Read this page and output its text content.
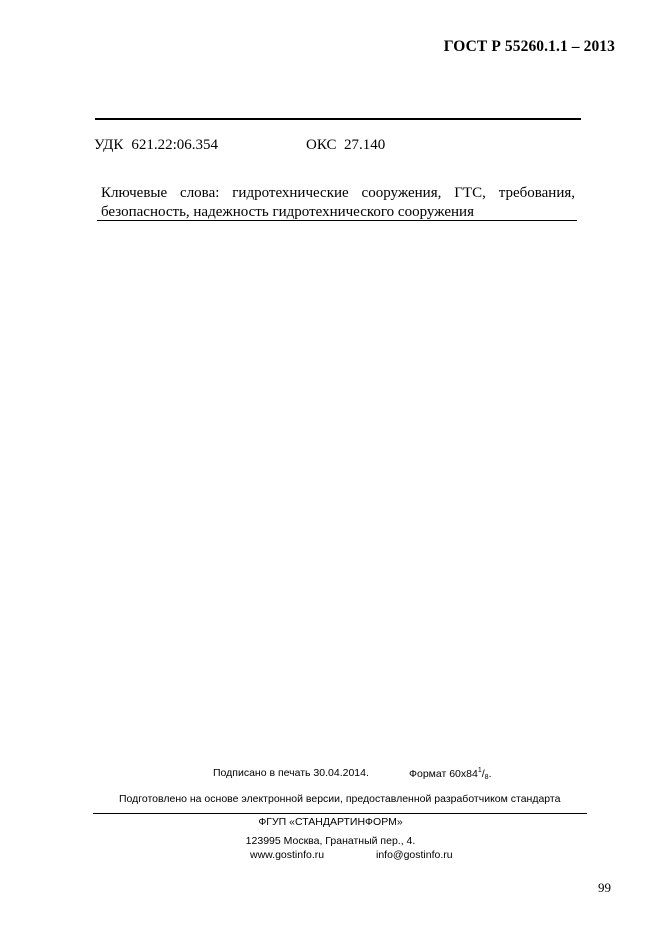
ГОСТ Р 55260.1.1 – 2013
УДК 621.22:06.354	ОКС 27.140
Ключевые слова: гидротехнические сооружения, ГТС, требования,
безопасность, надежность гидротехнического сооружения
Подписано в печать 30.04.2014.	Формат $60x84^1/_8$.
Подготовлено на основе электронной версии, предоставленной разработчиком стандарта
ФГУП «СТАНДАРТИНФОРМ»
123995 Москва, Гранатный пер., 4.
www.gostinfo.ru	info@gostinfo.ru
99
